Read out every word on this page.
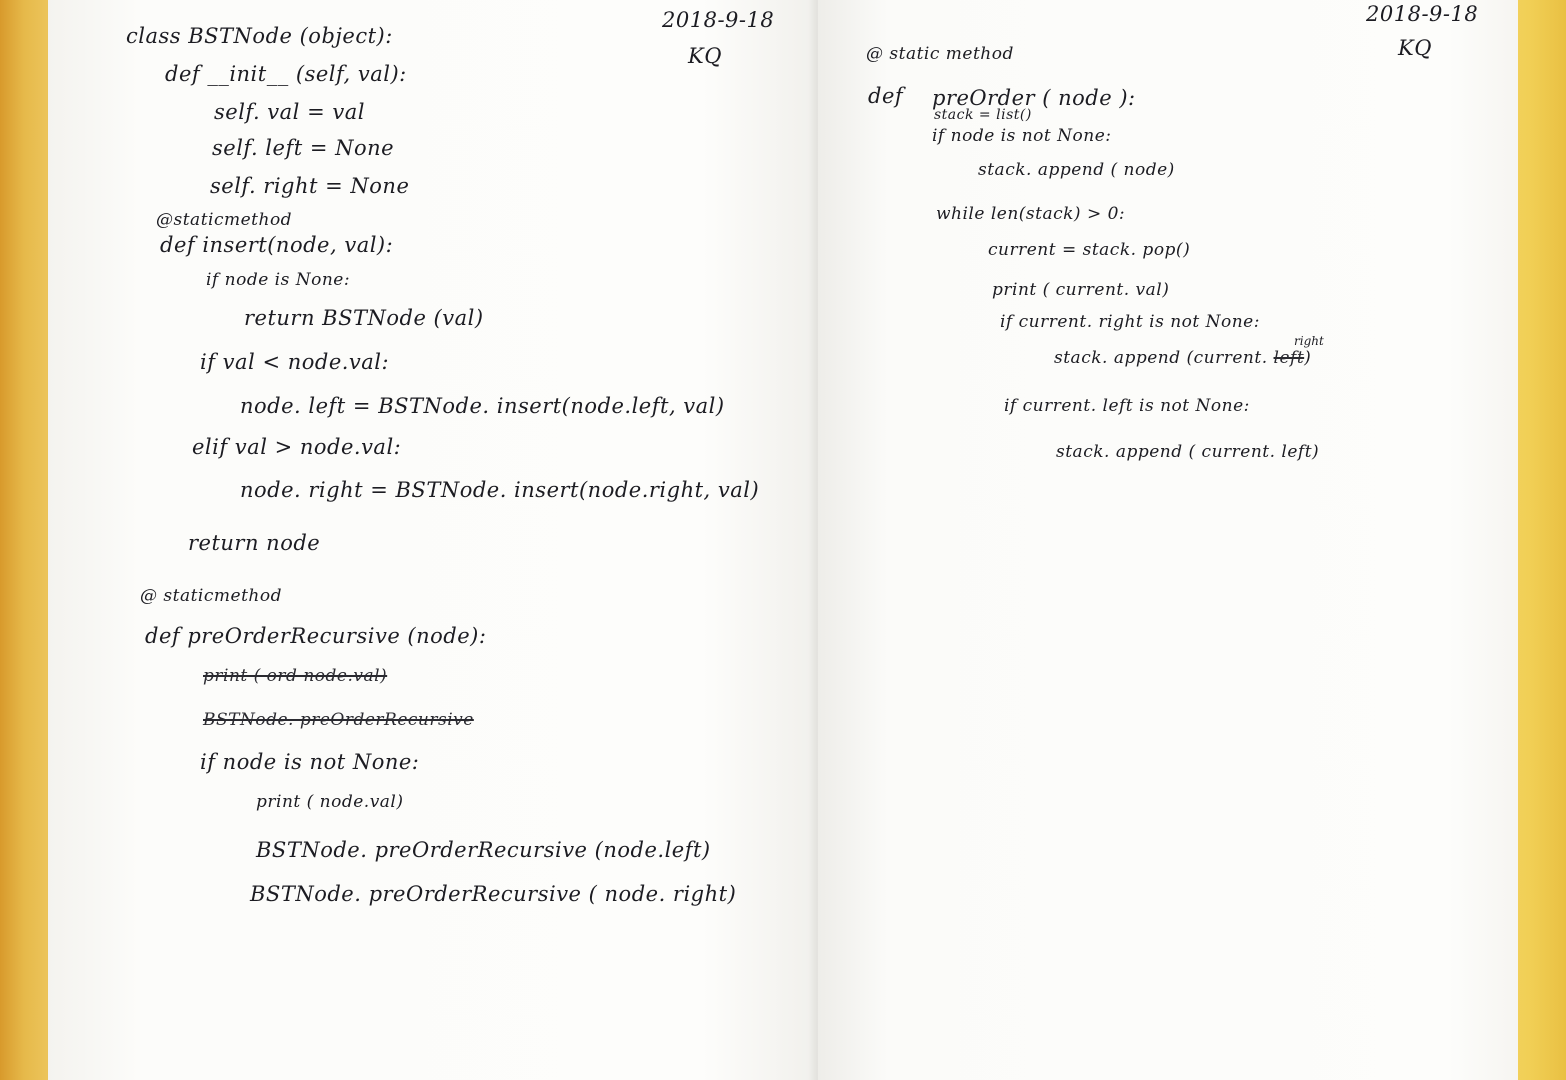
2018-9-18

KQ

class BSTNode (object):

def __init__ (self, val):

self. val = val

self. left = None

self. right = None

@staticmethod

def insert(node, val):

if node is None:

return BSTNode (val)

if val < node.val:

node. left = BSTNode. insert(node.left, val)

elif val > node.val:

node. right = BSTNode. insert(node.right, val)

return node

@ staticmethod

def preOrderRecursive (node):

print ( ord node.val)

BSTNode. preOrderRecursive

if node is not None:

print ( node.val)

BSTNode. preOrderRecursive (node.left)

BSTNode. preOrderRecursive ( node. right)

2018-9-18

KQ

@ static method

def preOrder ( node ):

stack = list()

if node is not None:

stack. append ( node)

while len(stack) > 0:

current = stack. pop()

print ( current. val)

if current. right is not None:

stack. append (current. left)

right

if current. left is not None:

stack. append ( current. left)
